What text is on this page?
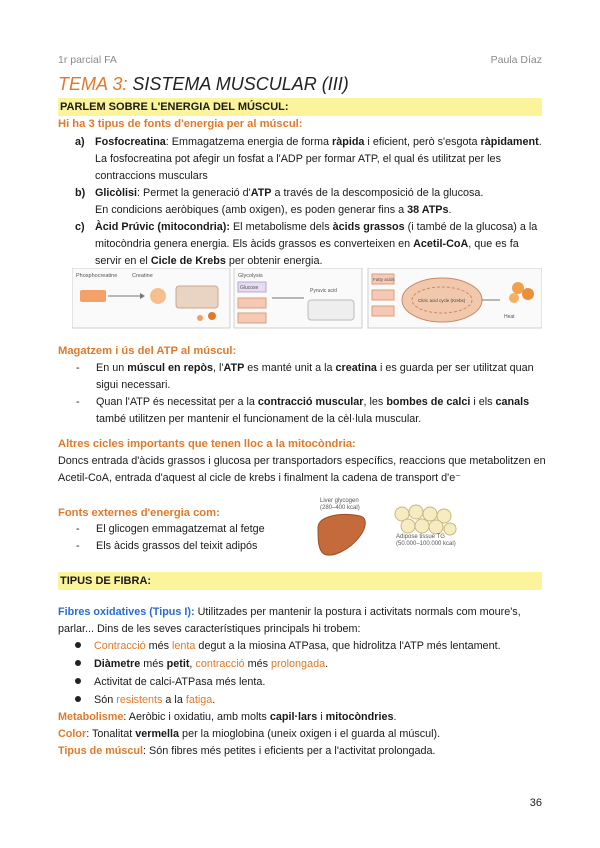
1r parcial FA	Paula Díaz
TEMA 3: SISTEMA MUSCULAR (III)
PARLEM SOBRE L'ENERGIA DEL MÚSCUL:
Hi ha 3 tipus de fonts d'energia per al múscul:
a) Fosfocreatina: Emmagatzema energia de forma ràpida i eficient, però s'esgota ràpidament. La fosfocreatina pot afegir un fosfat a l'ADP per formar ATP, el qual és utilitzat per les contraccions musculars
b) Glicòlisi: Permet la generació d'ATP a través de la descomposició de la glucosa.
En condicions aeròbiques (amb oxigen), es poden generar fins a 38 ATPs.
c) Àcid Prúvic (mitocondria): El metabolisme dels àcids grassos (i també de la glucosa) a la mitocòndria genera energia. Els àcids grassos es converteixen en Acetil-CoA, que es fa servir en el Cicle de Krebs per obtenir energia.
Phosphocreatine	Creatine	Glycolysis
Glucose	Pyruvic acid
Fatty acids
Citric acid cycle (Krebs)
Heat
Magatzem i ús del ATP al múscul:
- En un múscul en repòs, l'ATP es manté unit a la creatina i es guarda per ser utilitzat quan sigui necessari.
- Quan l'ATP és necessitat per a la contracció muscular, les bombes de calci i els canals també utilitzen per mantenir el funcionament de la cèl·lula muscular.
Altres cicles importants que tenen lloc a la mitocòndria:
Doncs entrada d'àcids grassos i glucosa per transportadors específics, reaccions que metabolitzen en Acetil-CoA, entrada d'aquest al cicle de krebs i finalment la cadena de transport d'e⁻
Fonts externes d'energia com:
- El glicogen emmagatzemat al fetge
- Els àcids grassos del teixit adipós
Liver glycogen
(280–400 kcal)
Adipose tissue TG
(50.000–100.000 kcal)
TIPUS DE FIBRA:
Fibres oxidatives (Tipus I): Utilitzades per mantenir la postura i activitats normals com moure's, parlar... Dins de les seves característiques principals hi trobem:
Contracció més lenta degut a la miosina ATPasa, que hidrolitza l'ATP més lentament.
Diàmetre més petit, contracció més prolongada.
Activitat de calci-ATPasa més lenta.
Són resistents a la fatiga.
Metabolisme: Aeròbic i oxidatiu, amb molts capil·lars i mitocòndries.
Color: Tonalitat vermella per la mioglobina (uneix oxigen i el guarda al múscul).
Tipus de múscul: Són fibres més petites i eficients per a l'activitat prolongada.
36
